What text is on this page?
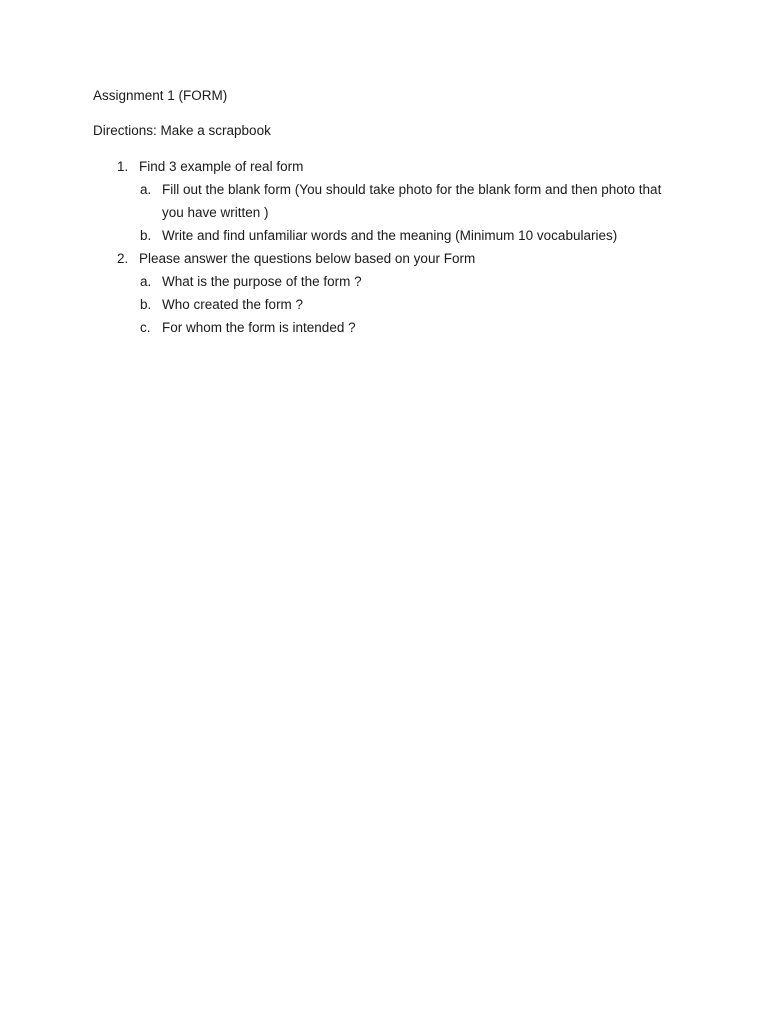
Assignment 1 (FORM)
Directions: Make a scrapbook
1. Find 3 example of real form
a. Fill out the blank form (You should take photo for the blank form and then photo that you have written )
b. Write and find unfamiliar words and the meaning (Minimum 10 vocabularies)
2. Please answer the questions below based on your Form
a. What is the purpose of the form ?
b. Who created the form ?
c. For whom the form is intended ?
